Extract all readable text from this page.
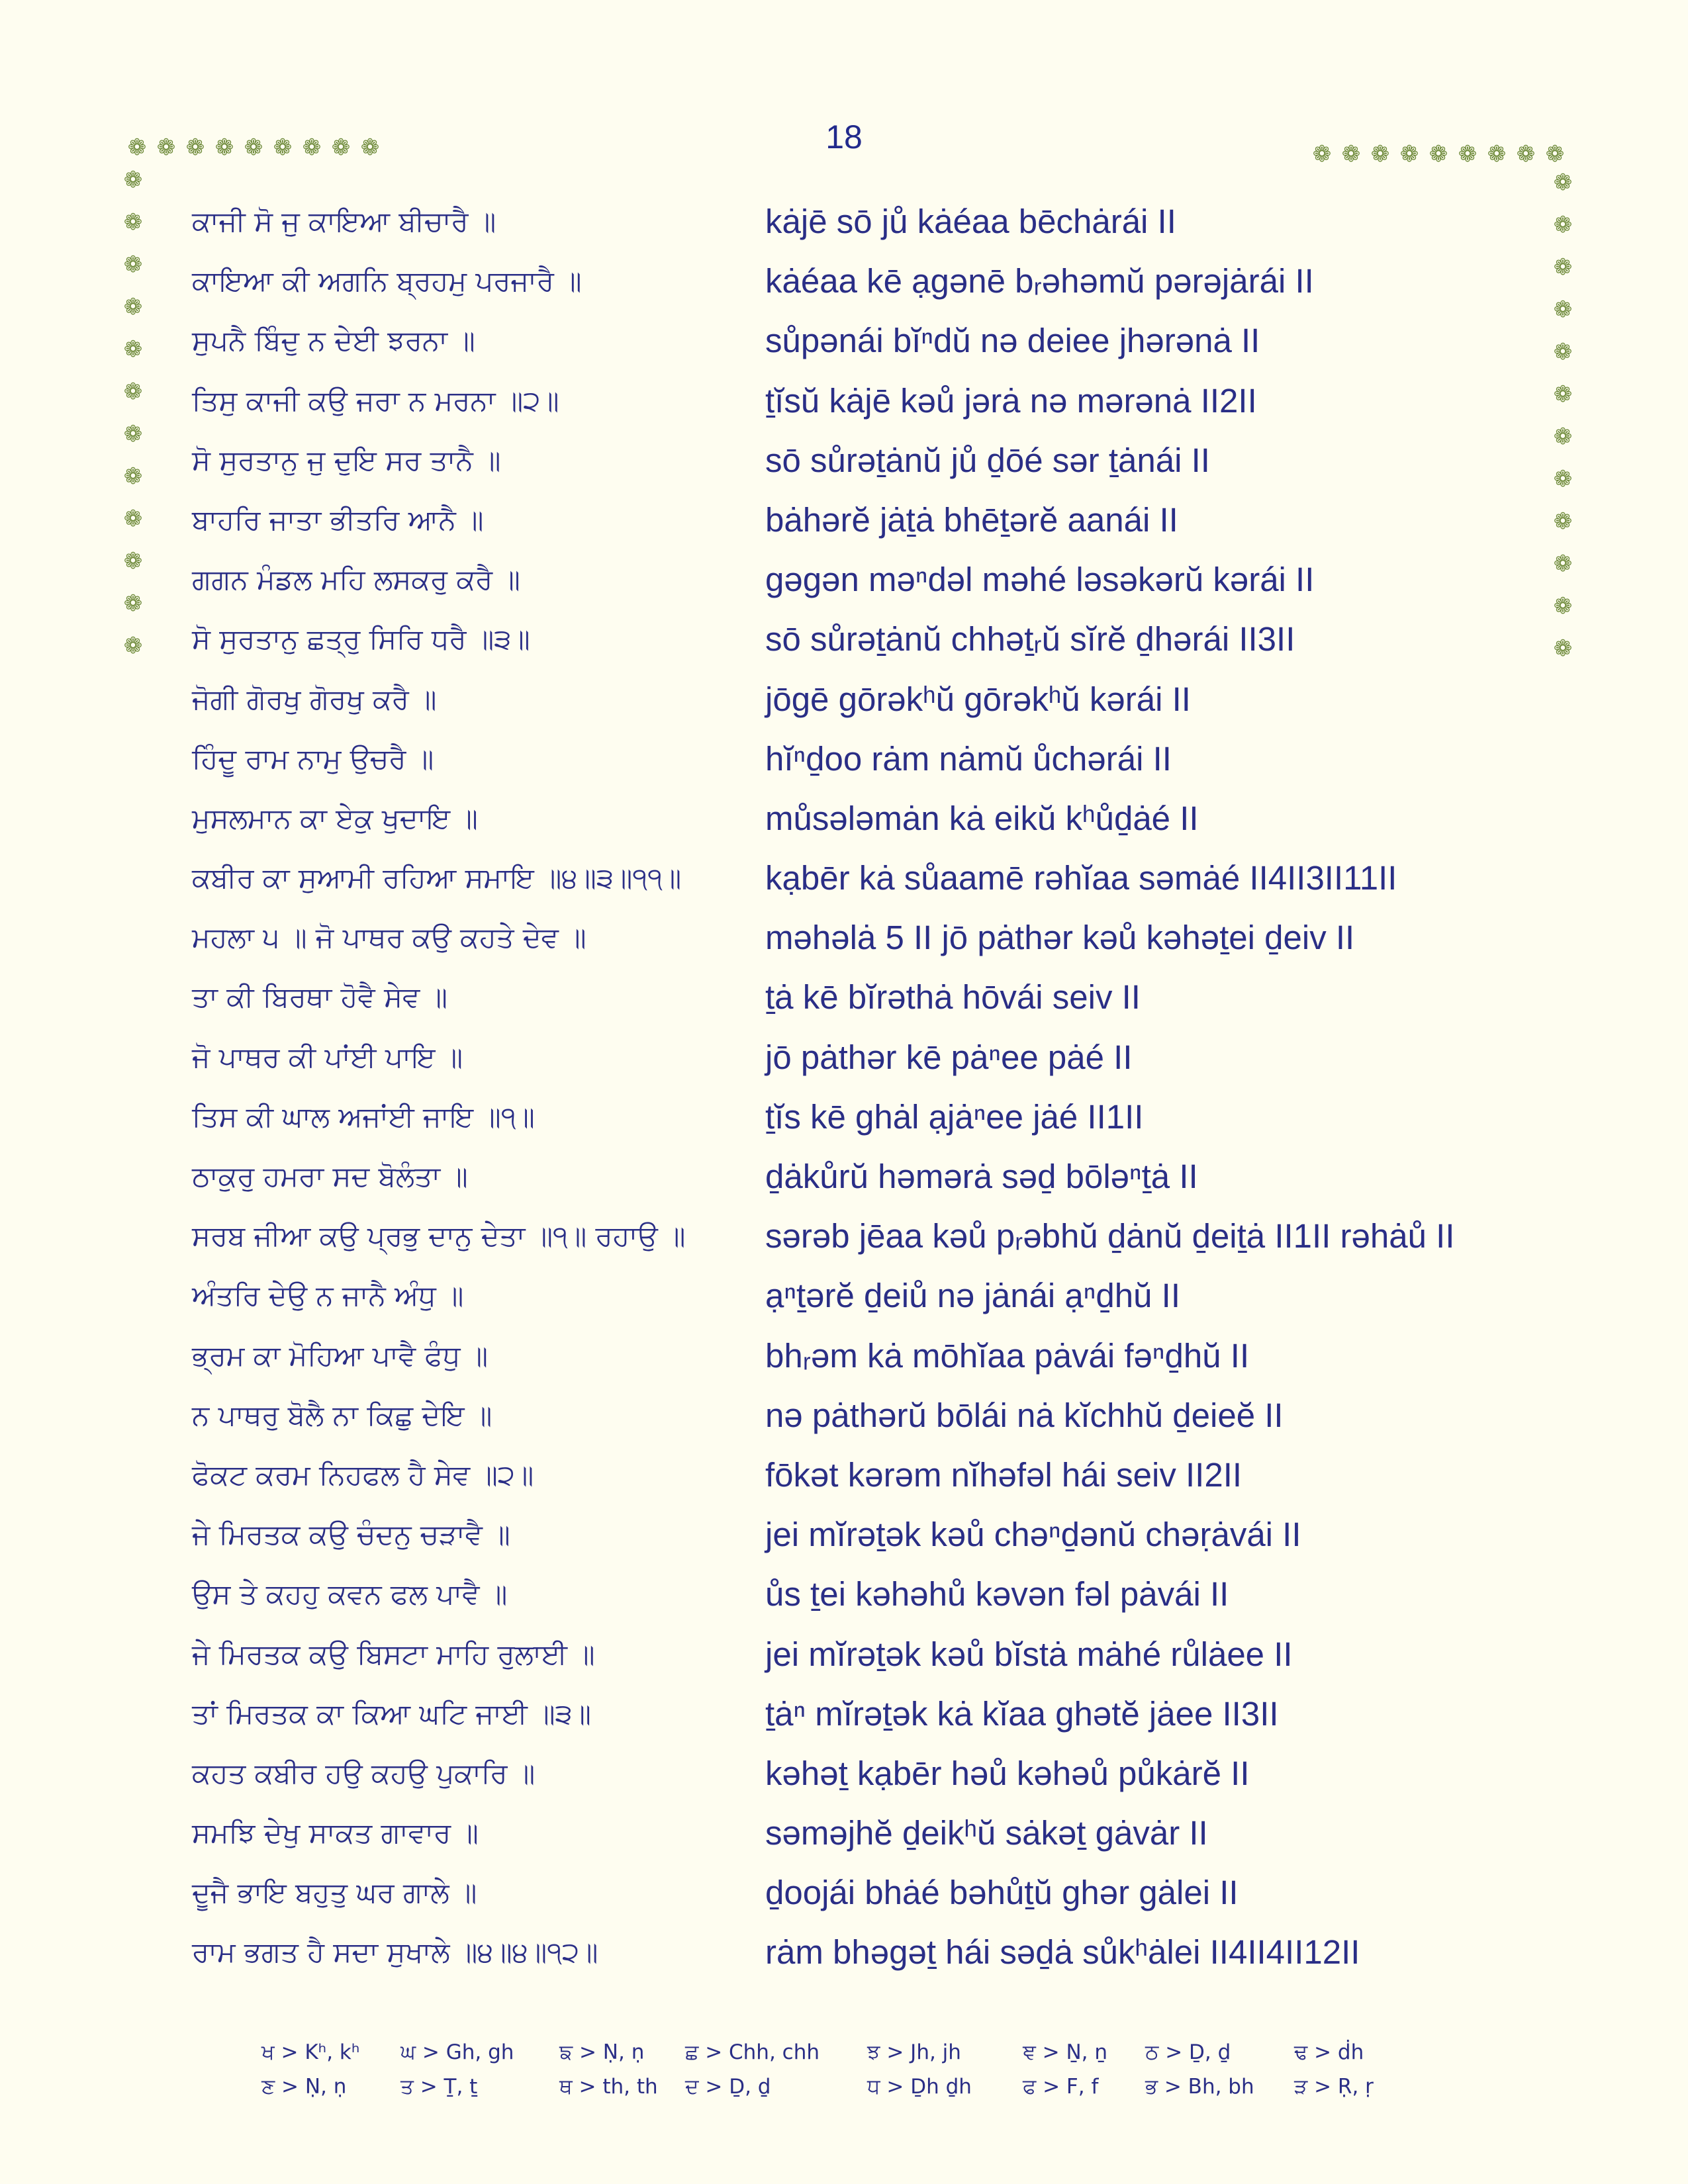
18
❁ ❁ ❁ ❁ ❁ ❁ ❁ ❁ ❁	❁ ❁ ❁ ❁ ❁ ❁ ❁ ❁ ❁
❁
❁
❁
❁
❁
❁
❁
❁
❁
❁
❁
❁
❁
❁
❁
❁
❁
❁
❁
❁
❁
❁
❁
❁
ਕਾਜੀ ਸੋ ਜੁ ਕਾਇਆ ਬੀਚਾਰੈ ॥	kȧjē sō jů kȧéaa bēchȧrái II
ਕਾਇਆ ਕੀ ਅਗਨਿ ਬ੍ਰਹਮੁ ਪਰਜਾਰੈ ॥	kȧéaa kē ạgənē bᵣəhəmŭ pərəjȧrái II
ਸੁਪਨੈ ਬਿੰਦੁ ਨ ਦੇਈ ਝਰਨਾ ॥	sůpənái bĭⁿdŭ nə deiee jhərənȧ II
ਤਿਸੁ ਕਾਜੀ ਕਉ ਜਰਾ ਨ ਮਰਨਾ ॥੨॥	ṯĭsŭ kȧjē kəů jərȧ nə mərənȧ II2II
ਸੋ ਸੁਰਤਾਨੁ ਜੁ ਦੁਇ ਸਰ ਤਾਨੈ ॥	sō sůrəṯȧnŭ jů ḏōé sər ṯȧnái II
ਬਾਹਰਿ ਜਾਤਾ ਭੀਤਰਿ ਆਨੈ ॥	bȧhərĕ jȧṯȧ bhēṯərĕ aanái II
ਗਗਨ ਮੰਡਲ ਮਹਿ ਲਸਕਰੁ ਕਰੈ ॥	gəgən məⁿdəl məhé ləsəkərŭ kərái II
ਸੋ ਸੁਰਤਾਨੁ ਛਤ੍ਰੁ ਸਿਰਿ ਧਰੈ ॥੩॥	sō sůrəṯȧnŭ chhəṯᵣŭ sĭrĕ ḏhərái II3II
ਜੋਗੀ ਗੋਰਖੁ ਗੋਰਖੁ ਕਰੈ ॥	jōgē gōrəkʰŭ gōrəkʰŭ kərái II
ਹਿੰਦੂ ਰਾਮ ਨਾਮੁ ਉਚਰੈ ॥	hĭⁿḏoo rȧm nȧmŭ ůchərái II
ਮੁਸਲਮਾਨ ਕਾ ਏਕੁ ਖੁਦਾਇ ॥	můsələmȧn kȧ eikŭ kʰůḏȧé II
ਕਬੀਰ ਕਾ ਸੁਆਮੀ ਰਹਿਆ ਸਮਾਇ ॥੪॥੩॥੧੧॥ kạbēr kȧ sůaamē rəhĭaa səmȧé II4II3II11II
ਮਹਲਾ ੫ ॥ ਜੋ ਪਾਥਰ ਕਉ ਕਹਤੇ ਦੇਵ ॥	məhəlȧ 5 II jō pȧthər kəů kəhəṯei ḏeiv II
ਤਾ ਕੀ ਬਿਰਥਾ ਹੋਵੈ ਸੇਵ ॥	ṯȧ kē bĭrəthȧ hōvái seiv II
ਜੋ ਪਾਥਰ ਕੀ ਪਾਂਈ ਪਾਇ ॥	jō pȧthər kē pȧⁿee pȧé II
ਤਿਸ ਕੀ ਘਾਲ ਅਜਾਂਈ ਜਾਇ ॥੧॥	ṯĭs kē ghȧl ạjȧⁿee jȧé II1II
ਠਾਕੁਰੁ ਹਮਰਾ ਸਦ ਬੋਲੰਤਾ ॥	ḏȧkůrŭ həmərȧ səḏ bōləⁿṯȧ II
ਸਰਬ ਜੀਆ ਕਉ ਪ੍ਰਭੁ ਦਾਨੁ ਦੇਤਾ ॥੧॥ ਰਹਾਉ ॥ sərəb jēaa kəů pᵣəbhŭ ḏȧnŭ ḏeiṯȧ II1II rəhȧů II
ਅੰਤਰਿ ਦੇਉ ਨ ਜਾਨੈ ਅੰਧੁ ॥	ạⁿṯərĕ ḏeiů nə jȧnái ạⁿḏhŭ II
ਭ੍ਰਮ ਕਾ ਮੋਹਿਆ ਪਾਵੈ ਫੰਧੁ ॥	bhᵣəm kȧ mōhĭaa pȧvái fəⁿḏhŭ II
ਨ ਪਾਥਰੁ ਬੋਲੈ ਨਾ ਕਿਛੁ ਦੇਇ ॥	nə pȧthərŭ bōlái nȧ kĭchhŭ ḏeieĕ II
ਫੋਕਟ ਕਰਮ ਨਿਹਫਲ ਹੈ ਸੇਵ ॥੨॥	fōkət kərəm nĭhəfəl hái seiv II2II
ਜੇ ਮਿਰਤਕ ਕਉ ਚੰਦਨੁ ਚੜਾਵੈ ॥	jei mĭrəṯək kəů chəⁿḏənŭ chəṛȧvái II
ਉਸ ਤੇ ਕਹਹੁ ਕਵਨ ਫਲ ਪਾਵੈ ॥	ůs ṯei kəhəhů kəvən fəl pȧvái II
ਜੇ ਮਿਰਤਕ ਕਉ ਬਿਸਟਾ ਮਾਹਿ ਰੁਲਾਈ ॥	jei mĭrəṯək kəů bĭstȧ mȧhé růlȧee II
ਤਾਂ ਮਿਰਤਕ ਕਾ ਕਿਆ ਘਟਿ ਜਾਈ ॥੩॥	ṯȧⁿ mĭrəṯək kȧ kĭaa ghətĕ jȧee II3II
ਕਹਤ ਕਬੀਰ ਹਉ ਕਹਉ ਪੁਕਾਰਿ ॥	kəhəṯ kạbēr həů kəhəů půkȧrĕ II
ਸਮਝਿ ਦੇਖੁ ਸਾਕਤ ਗਾਵਾਰ ॥	səməjhĕ ḏeikʰŭ sȧkəṯ gȧvȧr II
ਦੂਜੈ ਭਾਇ ਬਹੁਤੁ ਘਰ ਗਾਲੇ ॥	ḏoojái bhȧé bəhůṯŭ ghər gȧlei II
ਰਾਮ ਭਗਤ ਹੈ ਸਦਾ ਸੁਖਾਲੇ ॥੪॥੪॥੧੨॥	rȧm bhəgəṯ hái səḏȧ sůkʰȧlei II4II4II12II
ਖ > Kʰ, kʰ ਘ > Gh, gh ਙ > Ṇ, ṇ ਛ > Chh, chh ਝ > Jh, jh	ਞ > Ṉ, ṉ ਠ > Ḏ, ḏ	ਢ > ḋh
ਣ > Ṇ, ṇ	ਤ > Ṯ, ṯ	ਥ > th, th ਦ > Ḏ, ḏ	ਧ > Ḏh ḏh ਫ > F, f ਭ > Bh, bh ੜ > Ṛ, ṛ
